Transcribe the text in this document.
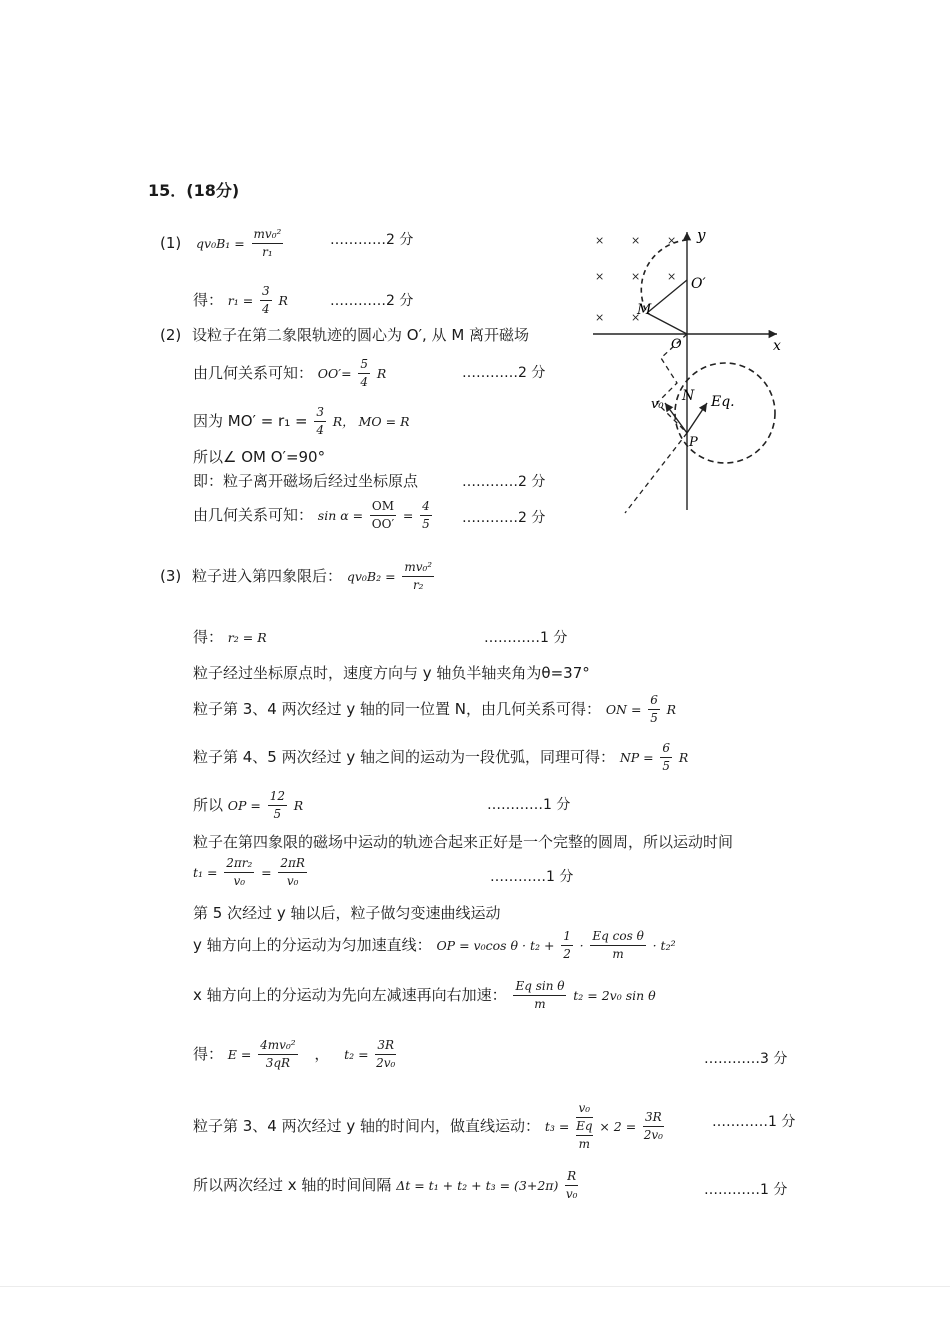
15．(18分)
(1) $qv_0B_1 = \frac{\text{mv₀²}}{\text{r₁}}$	…………2 分
得： $r_1 = \frac{3}{4}$ R	…………2 分
(2) 设粒子在第二象限轨迹的圆心为 O′, 从 M 离开磁场
由几何关系可知： $OO'= \frac{5}{4}$ R	…………2 分
因为 $MO' = r_1 = \frac{3}{4}$ R， MO = R
所以∠ OM O′=90°
即：粒子离开磁场后经过坐标原点	…………2 分
由几何关系可知： $\sin \alpha = \frac{OM}{OO'} = \frac{4}{5}$ …………2 分
(3) 粒子进入第四象限后： $qv_0B_2 = \frac{\text{mv₀²}}{\text{r₂}}$
得： r₂ = R	…………1 分
粒子经过坐标原点时，速度方向与 y 轴负半轴夹角为θ=37°
粒子第 3、4 两次经过 y 轴的同一位置 N，由几何关系可得： ON = $\frac{6}{5}$ R
粒子第 4、5 两次经过 y 轴之间的运动为一段优弧，同理可得： NP = $\frac{6}{5}$ R
所以 OP = $\frac{12}{5}$ R	…………1 分
粒子在第四象限的磁场中运动的轨迹合起来正好是一个完整的圆周，所以运动时间
$t_1 = \frac{\text{2πr₂}}{\text{v₀}} = \frac{2\pi R}{\text{v₀}}$	…………1 分
第 5 次经过 y 轴以后，粒子做匀变速曲线运动
y 轴方向上的分运动为匀加速直线： OP = v₀cos $\theta \cdot t_2 + \frac{1}{2} \cdot \frac{\text{Eq cos θ}}{m} \cdot t_2^2$
x 轴方向上的分运动为先向左减速再向右加速： $\frac{\text{Eq sin θ}}{m} t_2 = 2v_0$ sin θ
得： $E = \frac{\text{4mv₀²}}{3qR}$ ， $t_2 = \frac{3R}{\text{2v₀}}$	…………3 分
粒子第 3、4 两次经过 y 轴的时间内，做直线运动： t₃ =
v₀
Eq
m
× $2 = \frac{3R}{\text{2v₀}}$	…………1 分
所以两次经过 x 轴的时间间隔 $\Delta t = t_1 + t_2 + t_3 = (3+2\pi) \frac{R}{\text{v₀}}$	…………1 分
× × ×
× × ×
× ×
y
x
O′
M
O
v₀	Eq.
N
P
